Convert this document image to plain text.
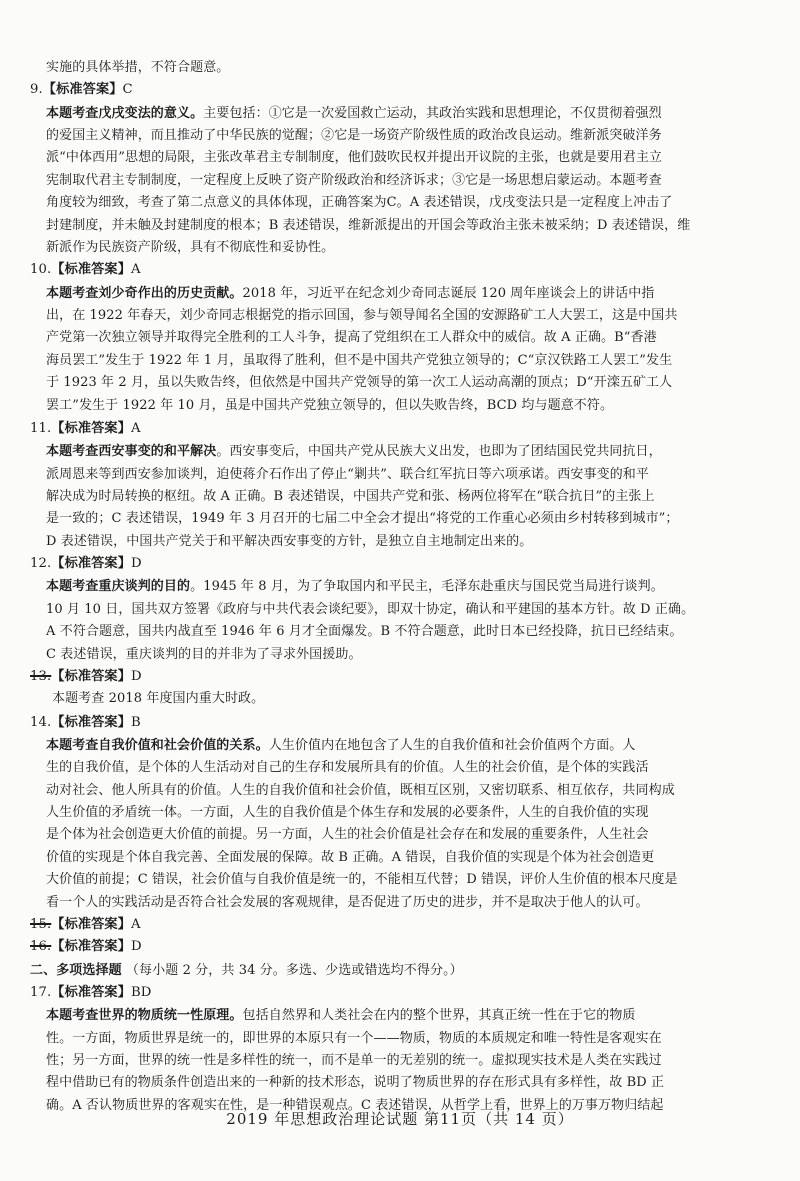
实施的具体举措，不符合题意。
9.【标准答案】C
本题考查戊戌变法的意义。主要包括：①它是一次爱国救亡运动，其政治实践和思想理论，不仅贯彻着强烈
的爱国主义精神，而且推动了中华民族的觉醒；②它是一场资产阶级性质的政治改良运动。维新派突破洋务
派“中体西用”思想的局限，主张改革君主专制制度，他们鼓吹民权并提出开议院的主张，也就是要用君主立
宪制取代君主专制制度，一定程度上反映了资产阶级政治和经济诉求；③它是一场思想启蒙运动。本题考查
角度较为细致，考查了第二点意义的具体体现，正确答案为C。A 表述错误，戊戌变法只是一定程度上冲击了
封建制度，并未触及封建制度的根本；B 表述错误，维新派提出的开国会等政治主张未被采纳；D 表述错误，维
新派作为民族资产阶级，具有不彻底性和妥协性。
10.【标准答案】A
本题考查刘少奇作出的历史贡献。2018 年，习近平在纪念刘少奇同志诞辰 120 周年座谈会上的讲话中指
出，在 1922 年春天，刘少奇同志根据党的指示回国，参与领导闻名全国的安源路矿工人大罢工，这是中国共
产党第一次独立领导并取得完全胜利的工人斗争，提高了党组织在工人群众中的威信。故 A 正确。B“香港
海员罢工”发生于 1922 年 1 月，虽取得了胜利，但不是中国共产党独立领导的；C“京汉铁路工人罢工”发生
于 1923 年 2 月，虽以失败告终，但依然是中国共产党领导的第一次工人运动高潮的顶点；D“开滦五矿工人
罢工”发生于 1922 年 10 月，虽是中国共产党独立领导的，但以失败告终，BCD 均与题意不符。
11.【标准答案】A
本题考查西安事变的和平解决。西安事变后，中国共产党从民族大义出发，也即为了团结国民党共同抗日，
派周恩来等到西安参加谈判，迫使蒋介石作出了停止“剿共”、联合红军抗日等六项承诺。西安事变的和平
解决成为时局转换的枢纽。故 A 正确。B 表述错误，中国共产党和张、杨两位将军在“联合抗日”的主张上
是一致的；C 表述错误，1949 年 3 月召开的七届二中全会才提出“将党的工作重心必须由乡村转移到城市”；
D 表述错误，中国共产党关于和平解决西安事变的方针，是独立自主地制定出来的。
12.【标准答案】D
本题考查重庆谈判的目的。1945 年 8 月，为了争取国内和平民主，毛泽东赴重庆与国民党当局进行谈判。
10 月 10 日，国共双方签署《政府与中共代表会谈纪要》，即双十协定，确认和平建国的基本方针。故 D 正确。
A 不符合题意，国共内战直至 1946 年 6 月才全面爆发。B 不符合题意，此时日本已经投降，抗日已经结束。
C 表述错误，重庆谈判的目的并非为了寻求外国援助。
13.【标准答案】D
本题考查 2018 年度国内重大时政。
14.【标准答案】B
本题考查自我价值和社会价值的关系。人生价值内在地包含了人生的自我价值和社会价值两个方面。人
生的自我价值，是个体的人生活动对自己的生存和发展所具有的价值。人生的社会价值，是个体的实践活
动对社会、他人所具有的价值。人生的自我价值和社会价值，既相互区别，又密切联系、相互依存，共同构成
人生价值的矛盾统一体。一方面，人生的自我价值是个体生存和发展的必要条件，人生的自我价值的实现
是个体为社会创造更大价值的前提。另一方面，人生的社会价值是社会存在和发展的重要条件，人生社会
价值的实现是个体自我完善、全面发展的保障。故 B 正确。A 错误，自我价值的实现是个体为社会创造更
大价值的前提；C 错误，社会价值与自我价值是统一的，不能相互代替；D 错误，评价人生价值的根本尺度是
看一个人的实践活动是否符合社会发展的客观规律，是否促进了历史的进步，并不是取决于他人的认可。
15.【标准答案】A
16.【标准答案】D
二、多项选择题 （每小题 2 分，共 34 分。多选、少选或错选均不得分。）
17.【标准答案】BD
本题考查世界的物质统一性原理。包括自然界和人类社会在内的整个世界，其真正统一性在于它的物质
性。一方面，物质世界是统一的，即世界的本原只有一个——物质，物质的本质规定和唯一特性是客观实在
性；另一方面，世界的统一性是多样性的统一，而不是单一的无差别的统一。虚拟现实技术是人类在实践过
程中借助已有的物质条件创造出来的一种新的技术形态，说明了物质世界的存在形式具有多样性，故 BD 正
确。A 否认物质世界的客观实在性，是一种错误观点。C 表述错误，从哲学上看，世界上的万事万物归结起
2019 年思想政治理论试题 第11页（共 14 页）
